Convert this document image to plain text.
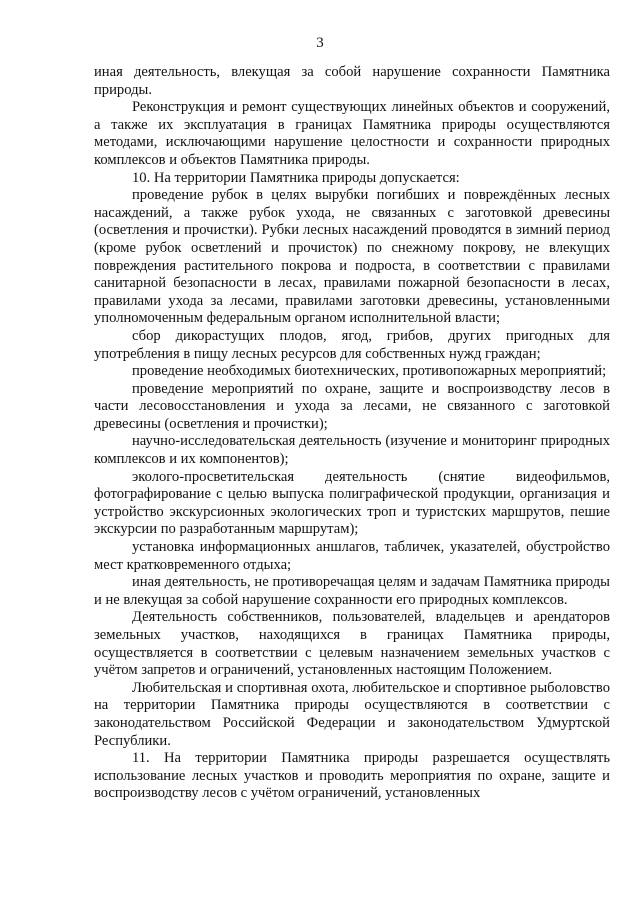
3

иная деятельность, влекущая за собой нарушение сохранности Памятника природы.

Реконструкция и ремонт существующих линейных объектов и сооружений, а также их эксплуатация в границах Памятника природы осуществляются методами, исключающими нарушение целостности и сохранности природных комплексов и объектов Памятника природы.

10. На территории Памятника природы допускается:

проведение рубок в целях вырубки погибших и повреждённых лесных насаждений, а также рубок ухода, не связанных с заготовкой древесины (осветления и прочистки). Рубки лесных насаждений проводятся в зимний период (кроме рубок осветлений и прочисток) по снежному покрову, не влекущих повреждения растительного покрова и подроста, в соответствии с правилами санитарной безопасности в лесах, правилами пожарной безопасности в лесах, правилами ухода за лесами, правилами заготовки древесины, установленными уполномоченным федеральным органом исполнительной власти;

сбор дикорастущих плодов, ягод, грибов, других пригодных для употребления в пищу лесных ресурсов для собственных нужд граждан;

проведение необходимых биотехнических, противопожарных мероприятий;

проведение мероприятий по охране, защите и воспроизводству лесов в части лесовосстановления и ухода за лесами, не связанного с заготовкой древесины (осветления и прочистки);

научно-исследовательская деятельность (изучение и мониторинг природных комплексов и их компонентов);

эколого-просветительская деятельность (снятие видеофильмов, фотографирование с целью выпуска полиграфической продукции, организация и устройство экскурсионных экологических троп и туристских маршрутов, пешие экскурсии по разработанным маршрутам);

установка информационных аншлагов, табличек, указателей, обустройство мест кратковременного отдыха;

иная деятельность, не противоречащая целям и задачам Памятника природы и не влекущая за собой нарушение сохранности его природных комплексов.

Деятельность собственников, пользователей, владельцев и арендаторов земельных участков, находящихся в границах Памятника природы, осуществляется в соответствии с целевым назначением земельных участков с учётом запретов и ограничений, установленных настоящим Положением.

Любительская и спортивная охота, любительское и спортивное рыболовство на территории Памятника природы осуществляются в соответствии с законодательством Российской Федерации и законодательством Удмуртской Республики.

11. На территории Памятника природы разрешается осуществлять использование лесных участков и проводить мероприятия по охране, защите и воспроизводству лесов с учётом ограничений, установленных
